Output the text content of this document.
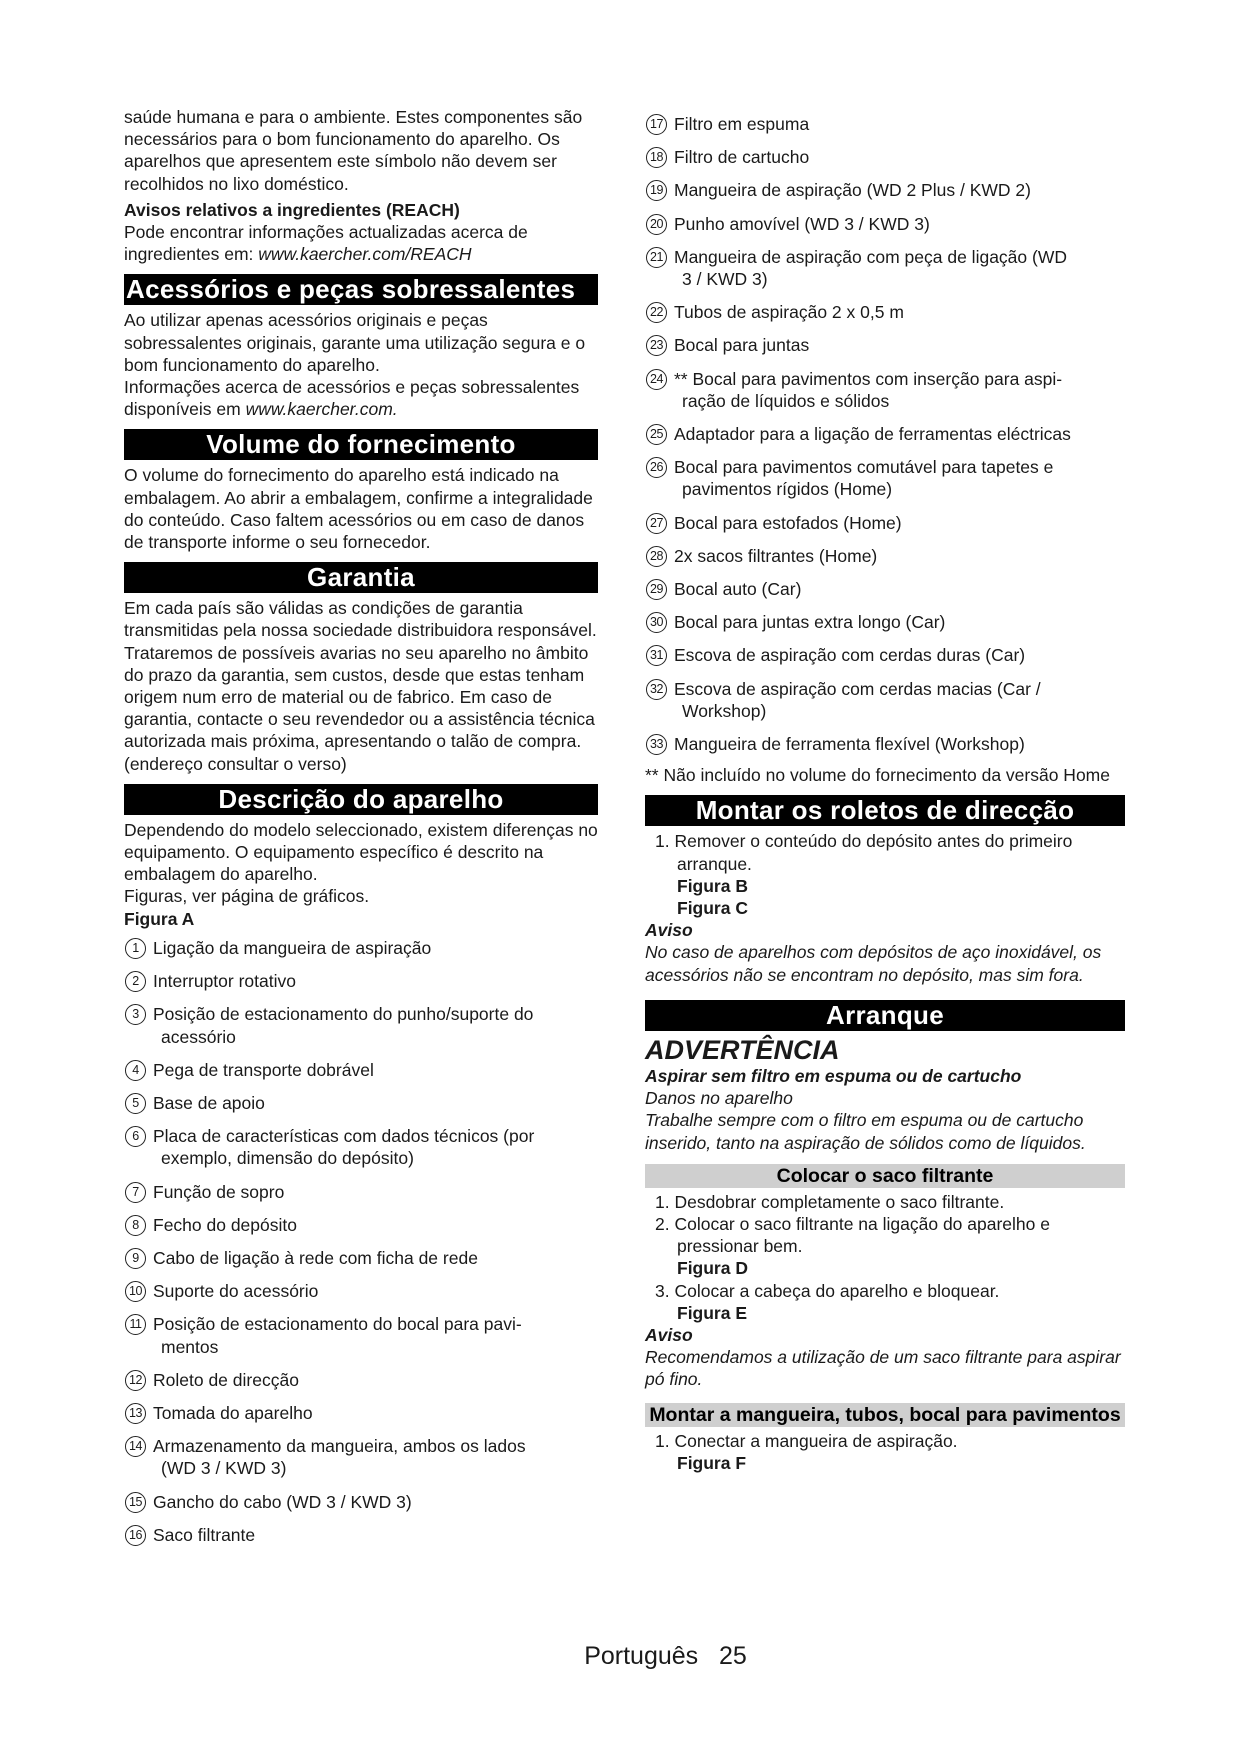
saúde humana e para o ambiente. Estes componentes são necessários para o bom funcionamento do aparelho. Os aparelhos que apresentem este símbolo não devem ser recolhidos no lixo doméstico.

Avisos relativos a ingredientes (REACH)

Pode encontrar informações actualizadas acerca de ingredientes em: www.kaercher.com/REACH

Acessórios e peças sobressalentes

Ao utilizar apenas acessórios originais e peças sobressalentes originais, garante uma utilização segura e o bom funcionamento do aparelho.

Informações acerca de acessórios e peças sobressalentes disponíveis em www.kaercher.com.

Volume do fornecimento

O volume do fornecimento do aparelho está indicado na embalagem. Ao abrir a embalagem, confirme a integralidade do conteúdo. Caso faltem acessórios ou em caso de danos de transporte informe o seu fornecedor.

Garantia

Em cada país são válidas as condições de garantia transmitidas pela nossa sociedade distribuidora responsável. Trataremos de possíveis avarias no seu aparelho no âmbito do prazo da garantia, sem custos, desde que estas tenham origem num erro de material ou de fabrico. Em caso de garantia, contacte o seu revendedor ou a assistência técnica autorizada mais próxima, apresentando o talão de compra.

(endereço consultar o verso)

Descrição do aparelho

Dependendo do modelo seleccionado, existem diferenças no equipamento. O equipamento específico é descrito na embalagem do aparelho.

Figuras, ver página de gráficos.

Figura A

1 Ligação da mangueira de aspiração
2 Interruptor rotativo
3 Posição de estacionamento do punho/suporte do
acessório
4 Pega de transporte dobrável
5 Base de apoio
6 Placa de características com dados técnicos (por
exemplo, dimensão do depósito)
7 Função de sopro
8 Fecho do depósito
9 Cabo de ligação à rede com ficha de rede
10 Suporte do acessório
11 Posição de estacionamento do bocal para pavi-
mentos
12 Roleto de direcção
13 Tomada do aparelho
14 Armazenamento da mangueira, ambos os lados
(WD 3 / KWD 3)
15 Gancho do cabo (WD 3 / KWD 3)
16 Saco filtrante
17 Filtro em espuma
18 Filtro de cartucho
19 Mangueira de aspiração (WD 2 Plus / KWD 2)
20 Punho amovível (WD 3 / KWD 3)
21 Mangueira de aspiração com peça de ligação (WD
3 / KWD 3)
22 Tubos de aspiração 2 x 0,5 m
23 Bocal para juntas
24 ** Bocal para pavimentos com inserção para aspi-
ração de líquidos e sólidos
25 Adaptador para a ligação de ferramentas eléctricas
26 Bocal para pavimentos comutável para tapetes e
pavimentos rígidos (Home)
27 Bocal para estofados (Home)
28 2x sacos filtrantes (Home)
29 Bocal auto (Car)
30 Bocal para juntas extra longo (Car)
31 Escova de aspiração com cerdas duras (Car)
32 Escova de aspiração com cerdas macias (Car /
Workshop)
33 Mangueira de ferramenta flexível (Workshop)

** Não incluído no volume do fornecimento da versão Home

Montar os roletos de direcção

1. Remover o conteúdo do depósito antes do primeiro arranque.

Figura B

Figura C

Aviso

No caso de aparelhos com depósitos de aço inoxidável, os acessórios não se encontram no depósito, mas sim fora.

Arranque

ADVERTÊNCIA

Aspirar sem filtro em espuma ou de cartucho

Danos no aparelho

Trabalhe sempre com o filtro em espuma ou de cartucho inserido, tanto na aspiração de sólidos como de líquidos.

Colocar o saco filtrante

1. Desdobrar completamente o saco filtrante.

2. Colocar o saco filtrante na ligação do aparelho e pressionar bem.

Figura D

3. Colocar a cabeça do aparelho e bloquear.

Figura E

Aviso

Recomendamos a utilização de um saco filtrante para aspirar pó fino.

Montar a mangueira, tubos, bocal para pavimentos

1. Conectar a mangueira de aspiração.

Figura F

Português 25
